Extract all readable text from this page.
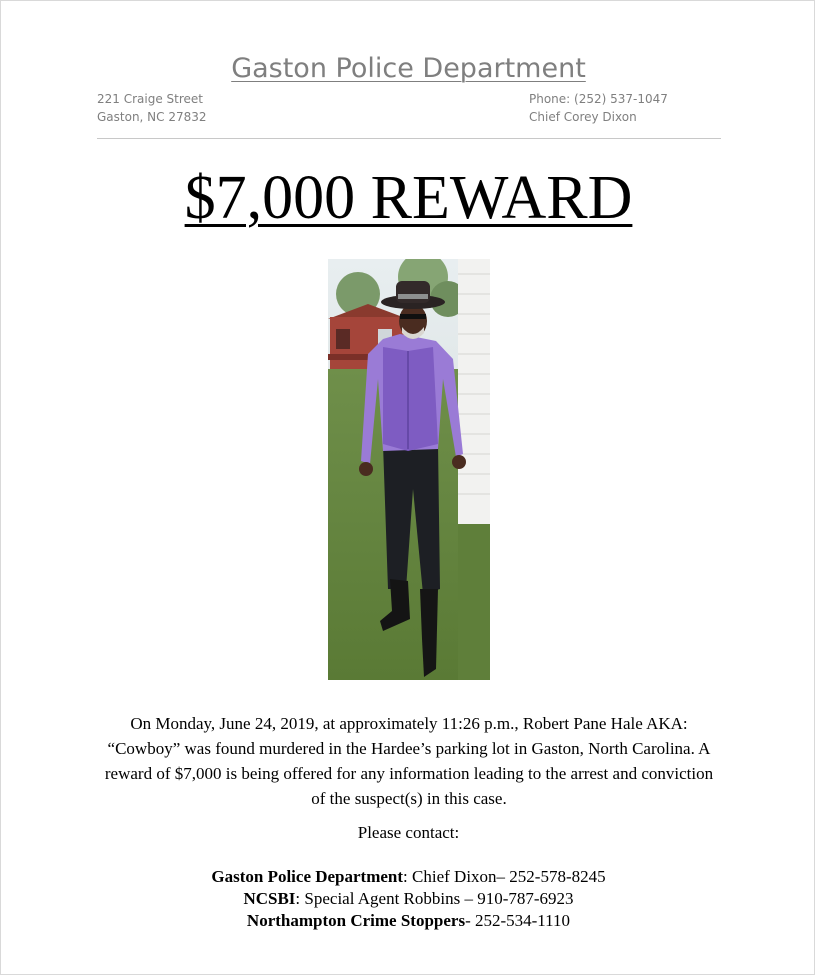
Gaston Police Department
221 Craige Street
Gaston, NC 27832
Phone: (252) 537-1047
Chief Corey Dixon
$7,000 REWARD
On Monday, June 24, 2019, at approximately 11:26 p.m., Robert Pane Hale AKA: “Cowboy” was found murdered in the Hardee’s parking lot in Gaston, North Carolina. A reward of $7,000 is being offered for any information leading to the arrest and conviction of the suspect(s) in this case.
Please contact:
Gaston Police Department: Chief Dixon– 252-578-8245
NCSBI: Special Agent Robbins – 910-787-6923
Northampton Crime Stoppers- 252-534-1110
